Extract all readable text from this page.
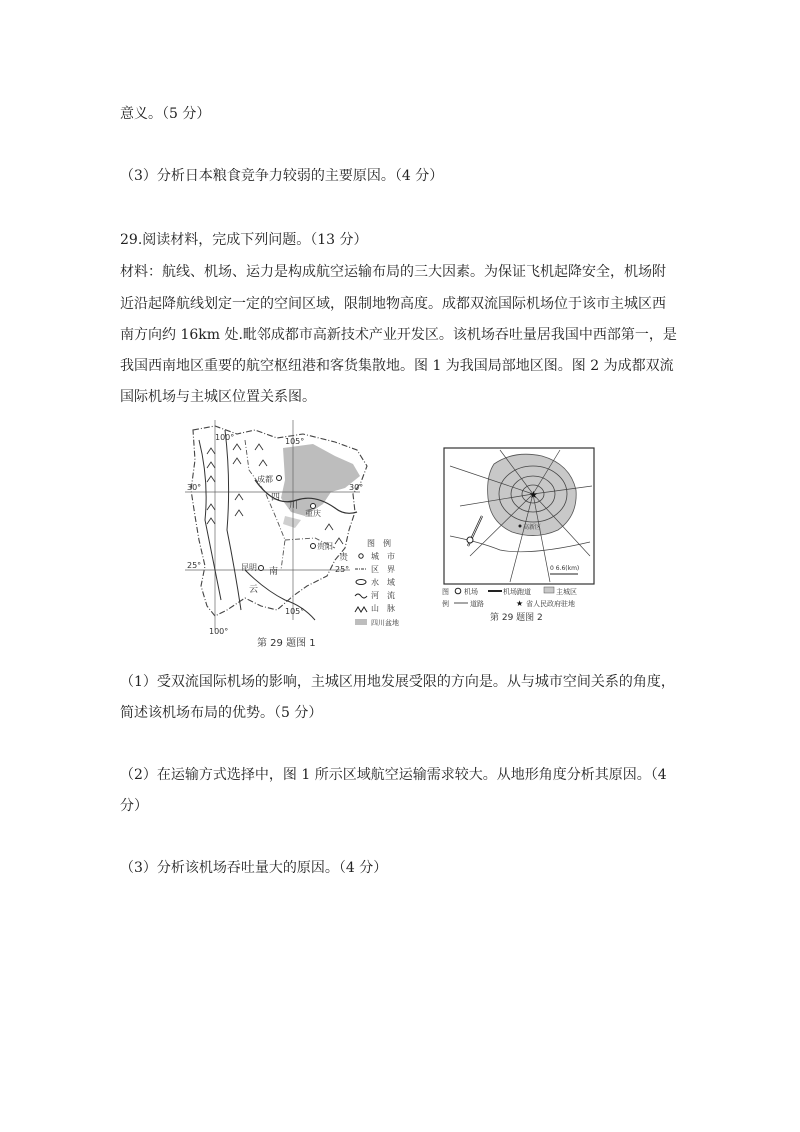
意义。（5 分）
（3）分析日本粮食竞争力较弱的主要原因。（4 分）
29.阅读材料，完成下列问题。（13 分）
材料：航线、机场、运力是构成航空运输布局的三大因素。为保证飞机起降安全，机场附
近沿起降航线划定一定的空间区域，限制地物高度。成都双流国际机场位于该市主城区西
南方向约 16km 处.毗邻成都市高新技术产业开发区。该机场吞吐量居我国中西部第一，是
我国西南地区重要的航空枢纽港和客货集散地。图 1 为我国局部地区图。图 2 为成都双流
国际机场与主城区位置关系图。
成都
重庆
贵阳
昆明
四
川
贵
云
南
100°	105°
30°	30°
25°	25°
105°
100°
图　例
城　市
区　界
水　域
河　流
山　脉
四川盆地
第 29 题图 1
★
高新区
0 6.6(km)
图 机场	机场跑道	主城区
例	道路	★ 省人民政府驻地
第 29 题图 2
（1）受双流国际机场的影响，主城区用地发展受限的方向是。从与城市空间关系的角度，
简述该机场布局的优势。（5 分）
（2）在运输方式选择中，图 1 所示区域航空运输需求较大。从地形角度分析其原因。（4
分）
（3）分析该机场吞吐量大的原因。（4 分）
